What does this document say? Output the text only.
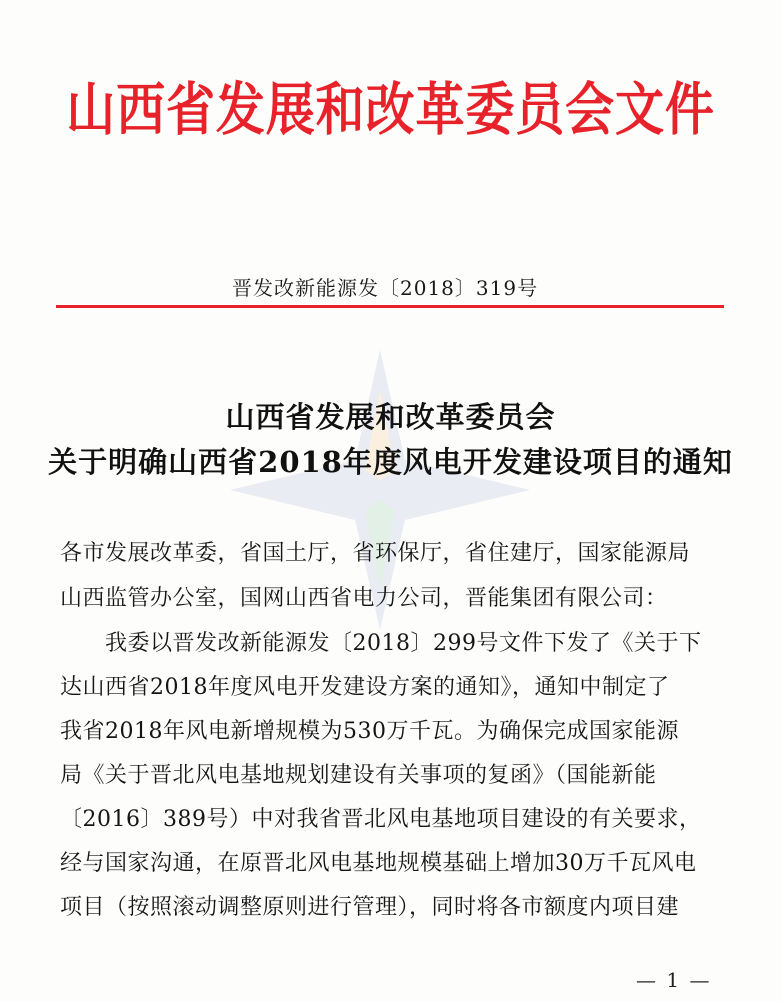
山西省发展和改革委员会文件
晋发改新能源发〔2018〕319号
山西省发展和改革委员会
关于明确山西省2018年度风电开发建设项目的通知
各市发展改革委，省国土厅，省环保厅，省住建厅，国家能源局
山西监管办公室，国网山西省电力公司，晋能集团有限公司：
　　我委以晋发改新能源发〔2018〕299号文件下发了《关于下
达山西省2018年度风电开发建设方案的通知》，通知中制定了
我省2018年风电新增规模为530万千瓦。为确保完成国家能源
局《关于晋北风电基地规划建设有关事项的复函》（国能新能
〔2016〕389号）中对我省晋北风电基地项目建设的有关要求，
经与国家沟通，在原晋北风电基地规模基础上增加30万千瓦风电
项目（按照滚动调整原则进行管理），同时将各市额度内项目建
— 1 —
